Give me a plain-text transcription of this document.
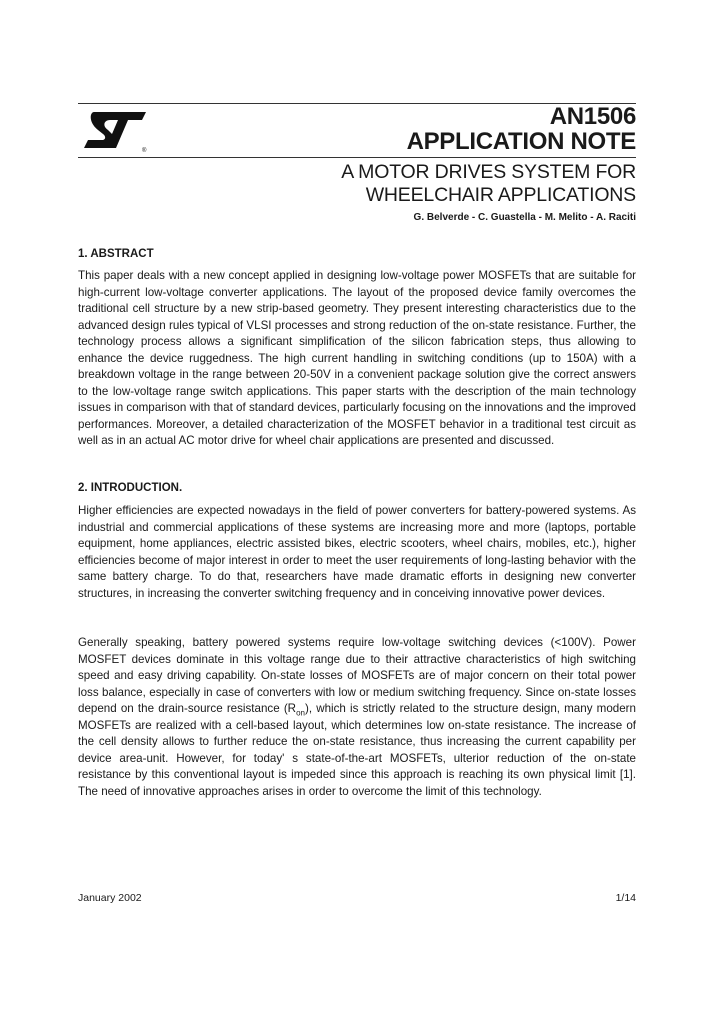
®
AN1506
APPLICATION NOTE
A MOTOR DRIVES SYSTEM FOR
WHEELCHAIR APPLICATIONS
G. Belverde - C. Guastella - M. Melito - A. Raciti
1. ABSTRACT
This paper deals with a new concept applied in designing low-voltage power MOSFETs that are suitable for high-current low-voltage converter applications. The layout of the proposed device family overcomes the traditional cell structure by a new strip-based geometry. They present interesting characteristics due to the advanced design rules typical of VLSI processes and strong reduction of the on-state resistance. Further, the technology process allows a significant simplification of the silicon fabrication steps, thus allowing to enhance the device ruggedness. The high current handling in switching conditions (up to 150A) with a breakdown voltage in the range between 20-50V in a convenient package solution give the correct answers to the low-voltage range switch applications. This paper starts with the description of the main technology issues in comparison with that of standard devices, particularly focusing on the innovations and the improved performances. Moreover, a detailed characterization of the MOSFET behavior in a traditional test circuit as well as in an actual AC motor drive for wheel chair applications are presented and discussed.
2. INTRODUCTION.
Higher efficiencies are expected nowadays in the field of power converters for battery-powered systems. As industrial and commercial applications of these systems are increasing more and more (laptops, portable equipment, home appliances, electric assisted bikes, electric scooters, wheel chairs, mobiles, etc.), higher efficiencies become of major interest in order to meet the user requirements of long-lasting behavior with the same battery charge. To do that, researchers have made dramatic efforts in designing new converter structures, in increasing the converter switching frequency and in conceiving innovative power devices.
Generally speaking, battery powered systems require low-voltage switching devices (<100V). Power MOSFET devices dominate in this voltage range due to their attractive characteristics of high switching speed and easy driving capability. On-state losses of MOSFETs are of major concern on their total power loss balance, especially in case of converters with low or medium switching frequency. Since on-state losses depend on the drain-source resistance $(R_{on})$, which is strictly related to the structure design, many modern MOSFETs are realized with a cell-based layout, which determines low on-state resistance. The increase of the cell density allows to further reduce the on-state resistance, thus increasing the current capability per device area-unit. However, for today' s state-of-the-art MOSFETs, ulterior reduction of the on-state resistance by this conventional layout is impeded since this approach is reaching its own physical limit [1]. The need of innovative approaches arises in order to overcome the limit of this technology.
January 2002	1/14
